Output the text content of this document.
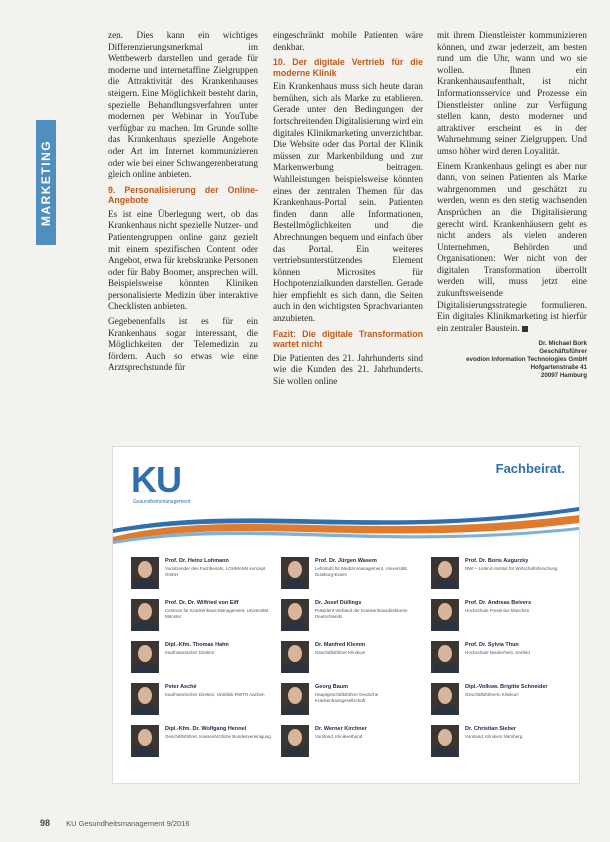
MARKETING

zen. Dies kann ein wichtiges Differenzierungsmerkmal im Wettbewerb darstellen und gerade für moderne und internetaffine Zielgruppen die Attraktivität des Krankenhauses steigern. Eine Möglichkeit besteht darin, spezielle Behandlungsverfahren unter modernen per Webinar in YouTube verfügbar zu machen. Im Grunde sollte das Krankenhaus spezielle Angebote oder Art im Internet kommunizieren oder wie bei einer Schwangerenberatung gleich online anbieten.

9. Personalisierung der Online-Angebote

Es ist eine Überlegung wert, ob das Krankenhaus nicht spezielle Nutzer- und Patientengruppen online ganz gezielt mit einem spezifischen Content oder Angebot, etwa für krebskranke Personen oder für Baby Boomer, ansprechen will. Beispielsweise könnten Kliniken personalisierte Medizin über interaktive Checklisten anbieten.

Gegebenenfalls ist es für ein Krankenhaus sogar interessant, die Möglichkeiten der Telemedizin zu fördern. Auch so etwas wie eine Arztsprechstunde für

eingeschränkt mobile Patienten wäre denkbar.

10. Der digitale Vertrieb für die moderne Klinik

Ein Krankenhaus muss sich heute daran bemühen, sich als Marke zu etablieren. Gerade unter den Bedingungen der fortschreitenden Digitalisierung wird ein digitales Klinikmarketing unverzichtbar. Die Website oder das Portal der Klinik müssen zur Markenbildung und zur Markenwerbung beitragen. Wahlleistungen beispielsweise könnten eines der zentralen Themen für das Krankenhaus-Portal sein. Patienten finden dann alle Informationen, Bestellmöglichkeiten und die Abrechnungen bequem und einfach über das Portal. Ein weiteres vertriebsunterstützendes Element können Microsites für Hochpotenzialkunden darstellen. Gerade hier empfiehlt es sich dann, die Seiten auch in den wichtigsten Sprachvarianten anzubieten.

Fazit: Die digitale Transformation wartet nicht

Die Patienten des 21. Jahrhunderts sind wie die Kunden des 21. Jahrhunderts. Sie wollen online

mit ihrem Dienstleister kommunizieren können, und zwar jederzeit, am besten rund um die Uhr, wann und wo sie wollen. Ihnen ein Krankenhausaufenthalt, ist nicht Informationsservice und Prozesse ein Dienstleister online zur Verfügung stellen kann, desto moderner und attraktiver erscheint es in der Wahrnehmung seiner Zielgruppen. Und umso höher wird deren Loyalität.

Einem Krankenhaus gelingt es aber nur dann, von seinen Patienten als Marke wahrgenommen und geschätzt zu werden, wenn es den stetig wachsenden Ansprüchen an die Digitalisierung gerecht wird. Krankenhäusern geht es nicht anders als vielen anderen Unternehmen, Behörden und Organisationen: Wer nicht von der digitalen Transformation überrollt werden will, muss jetzt eine zukunftsweisende Digitalisierungsstrategie formulieren. Ein digitales Klinikmarketing ist hierfür ein zentraler Baustein.

Dr. Michael Bork
Geschäftsführer
evodion Information Technologies GmbH
Hofgartenstraße 41
20097 Hamburg
KU
Gesundheitsmanagement
Fachbeirat.
Prof. Dr. Heinz Lohmann
Vorsitzender des Fachbeirats, LOHMANN konzept GmbH
Prof. Dr. Jürgen Wasem
Lehrstuhl für Medizinmanagement, Universität Duisburg-Essen
Prof. Dr. Boris Augurzky
RWI – Leibniz-Institut für Wirtschaftsforschung
Prof. Dr. Dr. Wilfried von Eiff
Centrum für Krankenhaus-Management, Universität Münster
Dr. Josef Düllings
Präsident Verband der Krankenhausdirektoren Deutschlands
Prof. Dr. Andreas Beivers
Hochschule Fresenius München
Dipl.-Kfm. Thomas Hahn
Kaufmännischer Direktor
Dr. Manfred Klemm
Geschäftsführer Klinikum
Prof. Dr. Sylvia Thun
Hochschule Niederrhein, Krefeld
Peter Asché
Kaufmännischer Direktor, Uniklinik RWTH Aachen
Georg Baum
Hauptgeschäftsführer Deutsche Krankenhausgesellschaft
Dipl.-Volksw. Brigitte Schneider
Geschäftsführerin Klinikum
Dipl.-Kfm. Dr. Wolfgang Hennel
Geschäftsführer, Kassenärztliche Bundesvereinigung
Dr. Werner Kirchner
Vorstand, Klinikverbund
Dr. Christian Sieber
Vorstand, Klinikum Nürnberg
98 KU Gesundheitsmanagement 9/2016
